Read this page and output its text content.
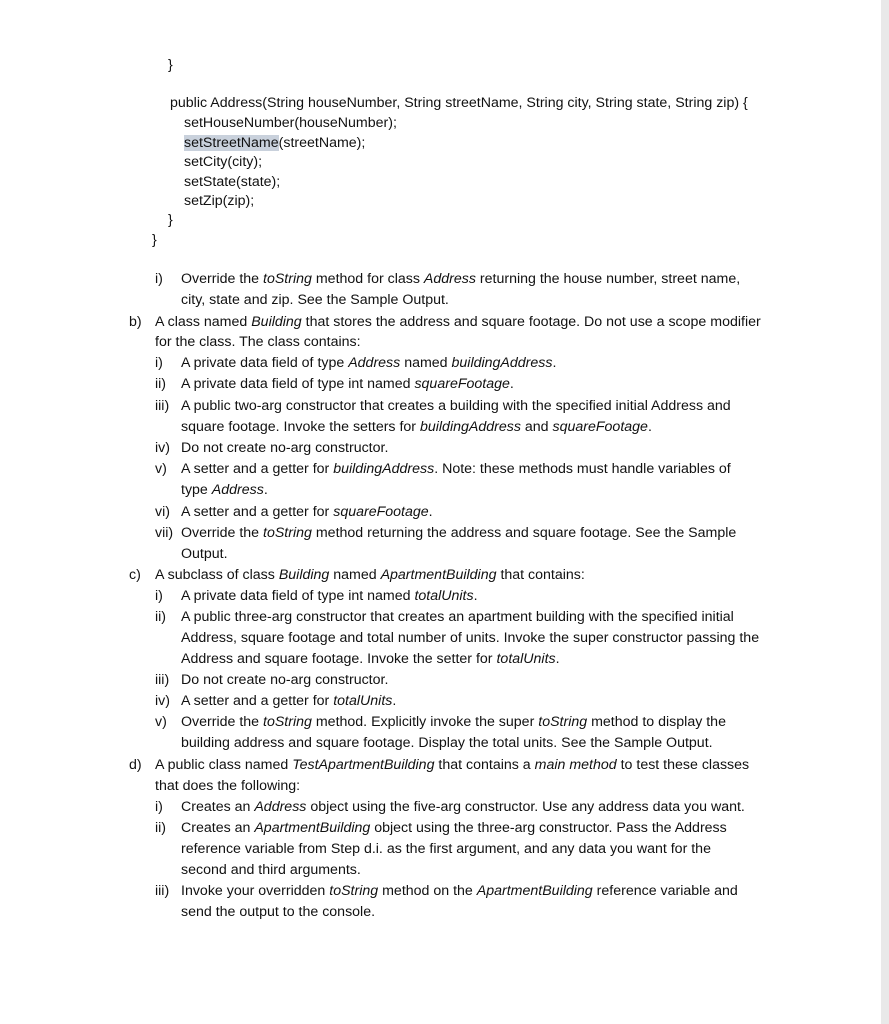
}
public Address(String houseNumber, String streetName, String city, String state, String zip) {
setHouseNumber(houseNumber);
setStreetName(streetName);
setCity(city);
setState(state);
setZip(zip);
}
}
i) Override the toString method for class Address returning the house number, street name,
city, state and zip. See the Sample Output.
b) A class named Building that stores the address and square footage. Do not use a scope modifier
for the class. The class contains:
i) A private data field of type Address named buildingAddress.
ii) A private data field of type int named squareFootage.
iii) A public two-arg constructor that creates a building with the specified initial Address and
square footage. Invoke the setters for buildingAddress and squareFootage.
iv) Do not create no-arg constructor.
v) A setter and a getter for buildingAddress. Note: these methods must handle variables of
type Address.
vi) A setter and a getter for squareFootage.
vii) Override the toString method returning the address and square footage. See the Sample
Output.
c) A subclass of class Building named ApartmentBuilding that contains:
i) A private data field of type int named totalUnits.
ii) A public three-arg constructor that creates an apartment building with the specified initial
Address, square footage and total number of units. Invoke the super constructor passing the
Address and square footage. Invoke the setter for totalUnits.
iii) Do not create no-arg constructor.
iv) A setter and a getter for totalUnits.
v) Override the toString method. Explicitly invoke the super toString method to display the
building address and square footage. Display the total units. See the Sample Output.
d) A public class named TestApartmentBuilding that contains a main method to test these classes
that does the following:
i) Creates an Address object using the five-arg constructor. Use any address data you want.
ii) Creates an ApartmentBuilding object using the three-arg constructor. Pass the Address
reference variable from Step d.i. as the first argument, and any data you want for the
second and third arguments.
iii) Invoke your overridden toString method on the ApartmentBuilding reference variable and
send the output to the console.
